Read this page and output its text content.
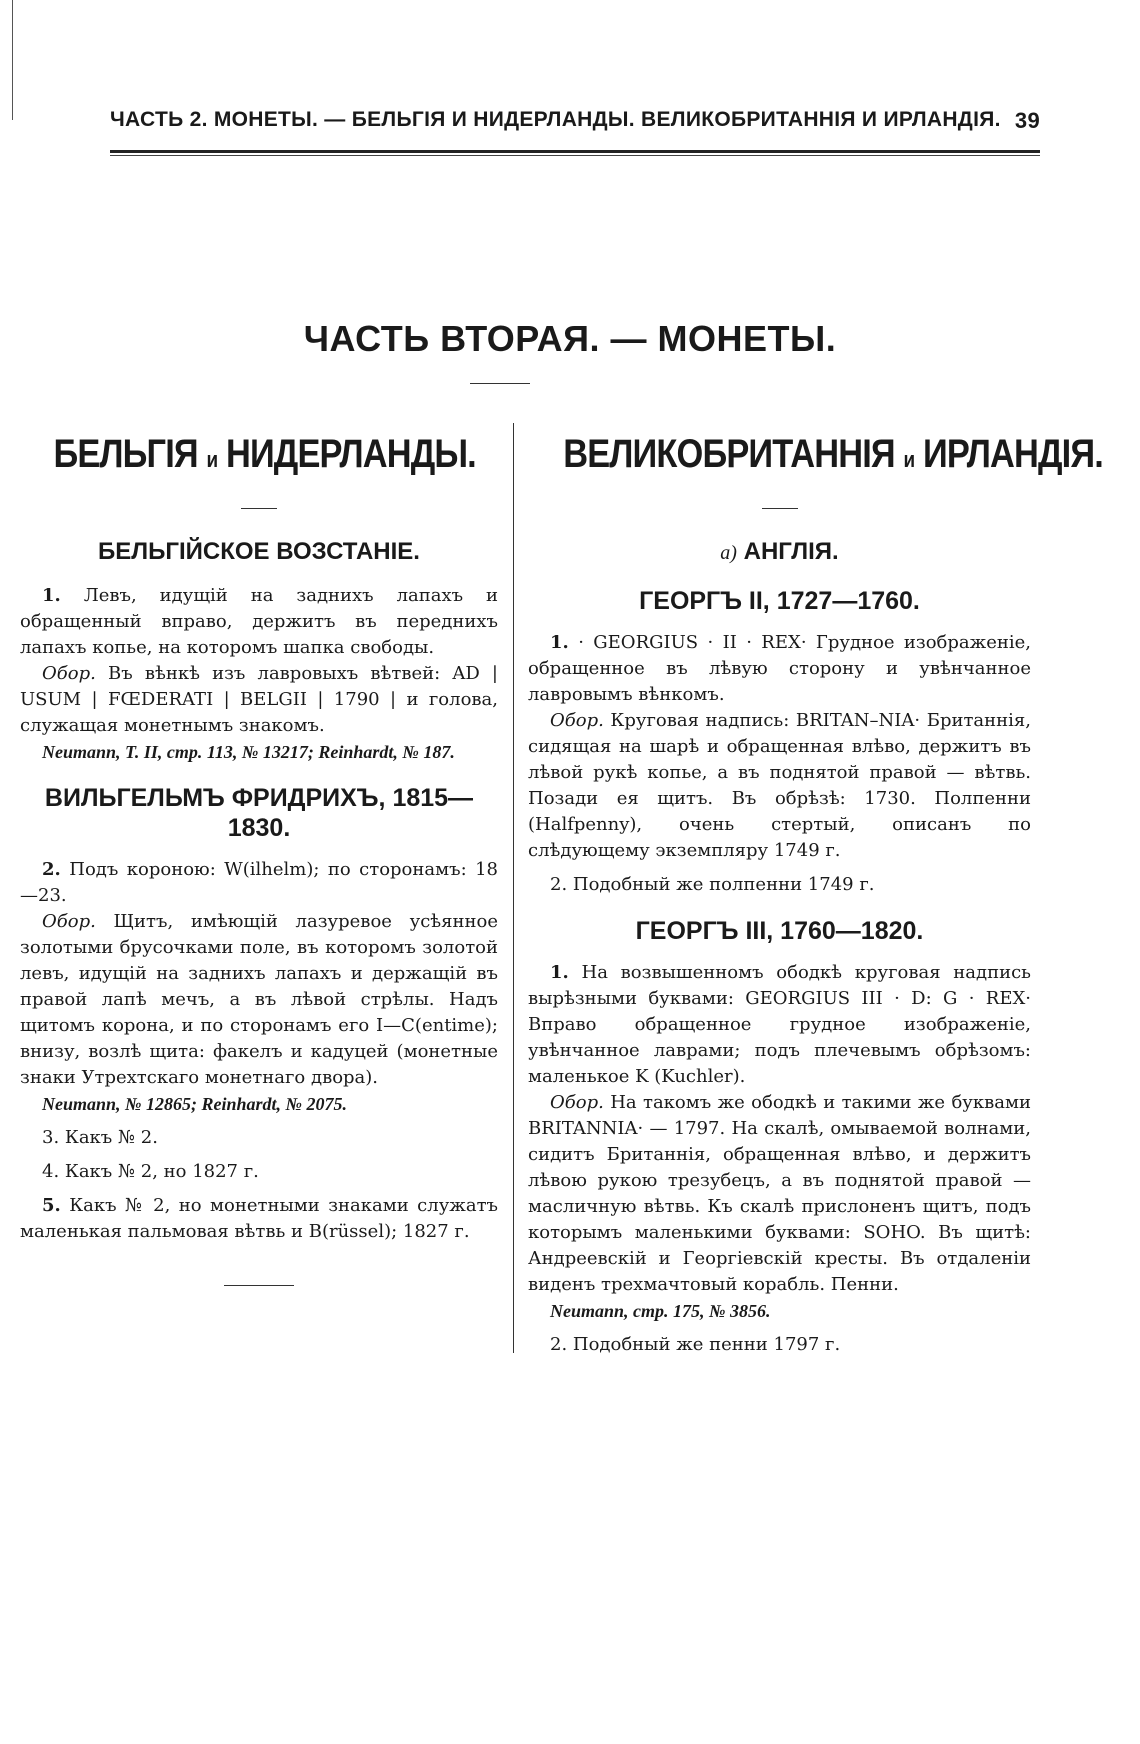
ЧАСТЬ 2. МОНЕТЫ. — БЕЛЬГІЯ И НИДЕРЛАНДЫ. ВЕЛИКОБРИТАННІЯ И ИРЛАНДІЯ. 39
ЧАСТЬ ВТОРАЯ. — МОНЕТЫ.
БЕЛЬГІЯ и НИДЕРЛАНДЫ.
БЕЛЬГІЙСКОЕ ВОЗСТАНІЕ.

1. Левъ, идущій на заднихъ лапахъ и обращенный вправо, держитъ въ переднихъ лапахъ копье, на которомъ шапка свободы.

Обор. Въ вѣнкѣ изъ лавровыхъ вѣтвей: AD | USUM | FŒDERATI | BELGII | 1790 | и голова, служащая монетнымъ знакомъ.

Neumann, Т. II, стр. 113, № 13217; Reinhardt, № 187.

ВИЛЬГЕЛЬМЪ ФРИДРИХЪ, 1815—1830.

2. Подъ короною: W(ilhelm); по сторонамъ: 18—23.

Обор. Щитъ, имѣющій лазуревое усѣянное золотыми брусочками поле, въ которомъ золотой левъ, идущій на заднихъ лапахъ и держащій въ правой лапѣ мечъ, а въ лѣвой стрѣлы. Надъ щитомъ корона, и по сторонамъ его I—C(entime); внизу, возлѣ щита: факелъ и кадуцей (монетные знаки Утрехтскаго монетнаго двора).

Neumann, № 12865; Reinhardt, № 2075.

3. Какъ № 2.

4. Какъ № 2, но 1827 г.

5. Какъ № 2, но монетными знаками служатъ маленькая пальмовая вѣтвь и B(rüssel); 1827 г.

ВЕЛИКОБРИТАННІЯ и ИРЛАНДІЯ.
a) АНГЛІЯ.
ГЕОРГЪ II, 1727—1760.

1. · GEORGIUS · II · REX· Грудное изображеніе, обращенное въ лѣвую сторону и увѣнчанное лавровымъ вѣнкомъ.

Обор. Круговая надпись: BRITAN–NIA· Британнія, сидящая на шарѣ и обращенная влѣво, держитъ въ лѣвой рукѣ копье, а въ поднятой правой — вѣтвь. Позади ея щитъ. Въ обрѣзѣ: 1730. Полпенни (Halfpenny), очень стертый, описанъ по слѣдующему экземпляру 1749 г.

2. Подобный же полпенни 1749 г.

ГЕОРГЪ III, 1760—1820.

1. На возвышенномъ ободкѣ круговая надпись вырѣзными буквами: GEORGIUS III · D: G · REX· Вправо обращенное грудное изображеніе, увѣнчанное лаврами; подъ плечевымъ обрѣзомъ: маленькое K (Kuchler).

Обор. На такомъ же ободкѣ и такими же буквами BRITANNIA· — 1797. На скалѣ, омываемой волнами, сидитъ Британнія, обращенная влѣво, и держитъ лѣвою рукою трезубецъ, а въ поднятой правой — масличную вѣтвь. Къ скалѣ прислоненъ щитъ, подъ которымъ маленькими буквами: SOHO. Въ щитѣ: Андреевскій и Георгіевскій кресты. Въ отдаленіи виденъ трехмачтовый корабль. Пенни.

Neumann, стр. 175, № 3856.

2. Подобный же пенни 1797 г.
